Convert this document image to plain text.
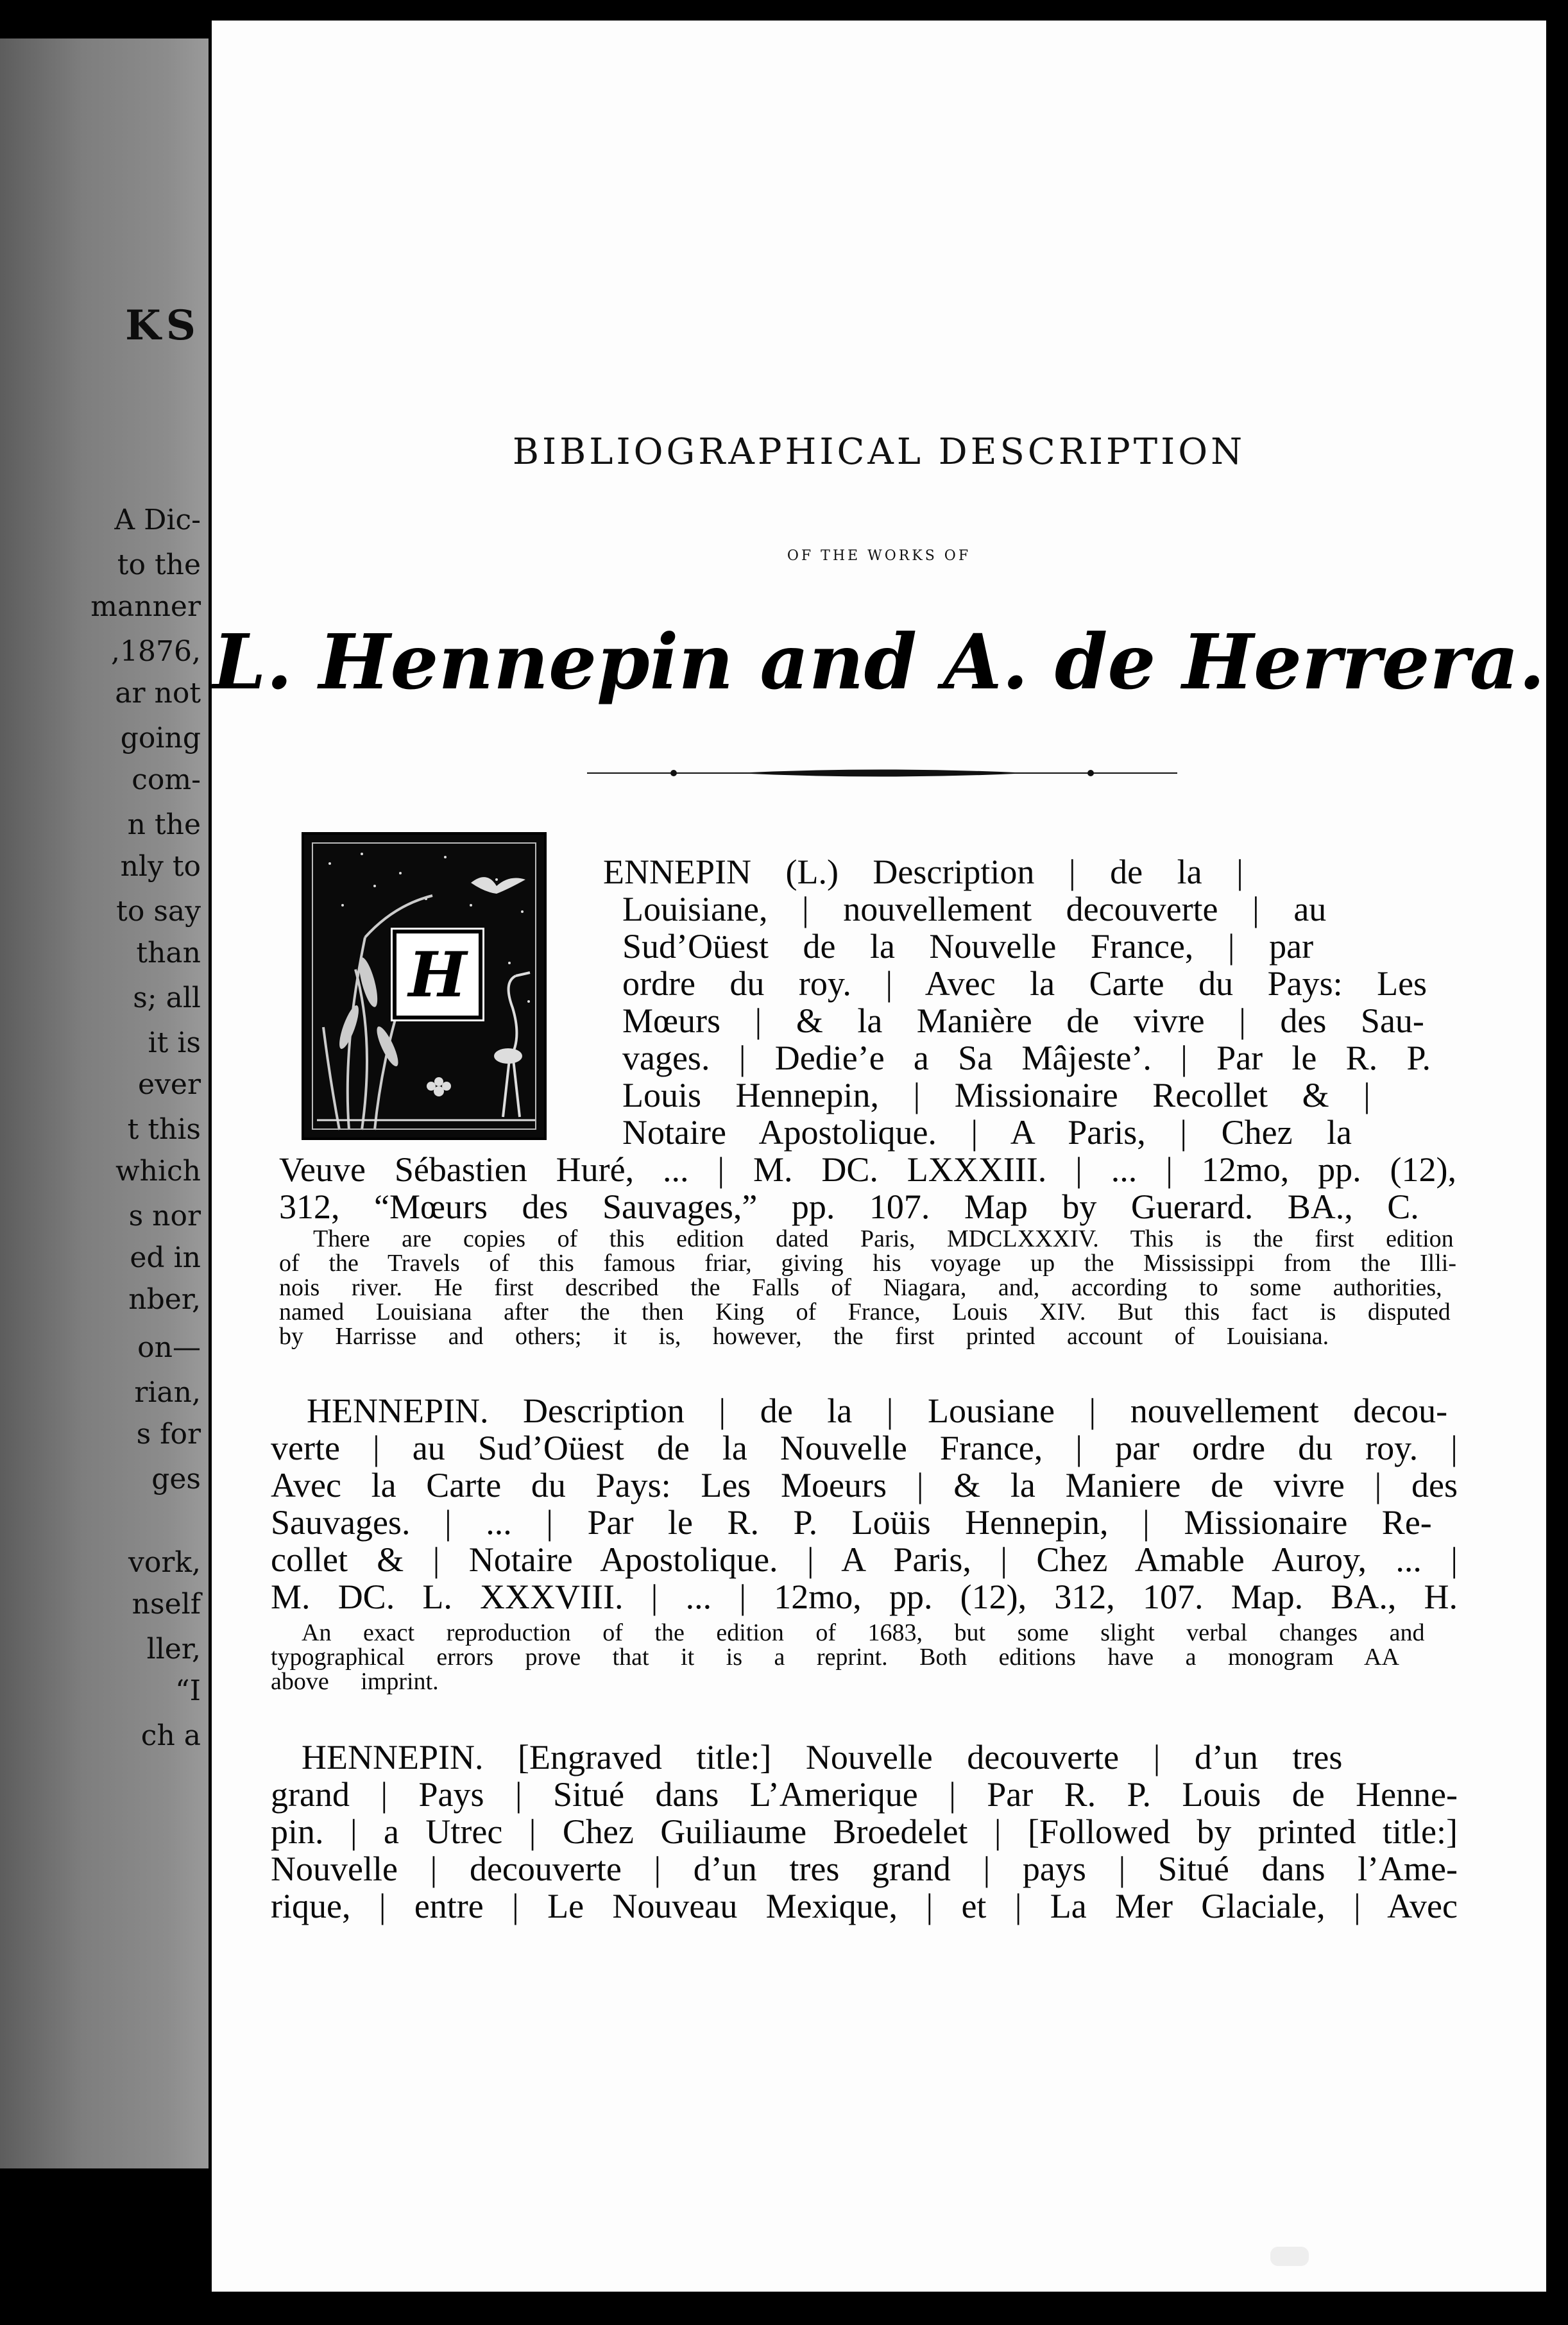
KS
A Dic-
to the
manner
,1876,
ar not
going
com-
n the
nly to
to say
than
s; all
it is
ever
t this
which
s nor
ed in
nber,
on—
rian,
s for
ges
vork,
nself
ller,
“I
ch a
BIBLIOGRAPHICAL DESCRIPTION
OF THE WORKS OF
L. Hennepin and A. de Herrera.
H
ENNEPIN (L.) Description | de la |
Louisiane, | nouvellement decouverte | au
Sud’Oüest de la Nouvelle France, | par
ordre du roy. | Avec la Carte du Pays: Les
Mœurs | & la Manière de vivre | des Sau-
vages. | Dedie’e a Sa Mâjeste’. | Par le R. P.
Louis Hennepin, | Missionaire Recollet & |
Notaire Apostolique. | A Paris, | Chez la
Veuve Sébastien Huré, ... | M. DC. LXXXIII. | ... | 12mo, pp. (12),
312, “Mœurs des Sauvages,” pp. 107. Map by Guerard. BA., C.
There are copies of this edition dated Paris, MDCLXXXIV. This is the first edition
of the Travels of this famous friar, giving his voyage up the Mississippi from the Illi-
nois river. He first described the Falls of Niagara, and, according to some authorities,
named Louisiana after the then King of France, Louis XIV. But this fact is disputed
by Harrisse and others; it is, however, the first printed account of Louisiana.
HENNEPIN. Description | de la | Lousiane | nouvellement decou-
verte | au Sud’Oüest de la Nouvelle France, | par ordre du roy. |
Avec la Carte du Pays: Les Moeurs | & la Maniere de vivre | des
Sauvages. | ... | Par le R. P. Loüis Hennepin, | Missionaire Re-
collet & | Notaire Apostolique. | A Paris, | Chez Amable Auroy, ... |
M. DC. L. XXXVIII. | ... | 12mo, pp. (12), 312, 107. Map. BA., H.
An exact reproduction of the edition of 1683, but some slight verbal changes and
typographical errors prove that it is a reprint. Both editions have a monogram AA
above imprint.
HENNEPIN. [Engraved title:] Nouvelle decouverte | d’un tres
grand | Pays | Situé dans L’Amerique | Par R. P. Louis de Henne-
pin. | a Utrec | Chez Guiliaume Broedelet | [Followed by printed title:]
Nouvelle | decouverte | d’un tres grand | pays | Situé dans l’Ame-
rique, | entre | Le Nouveau Mexique, | et | La Mer Glaciale, | Avec
